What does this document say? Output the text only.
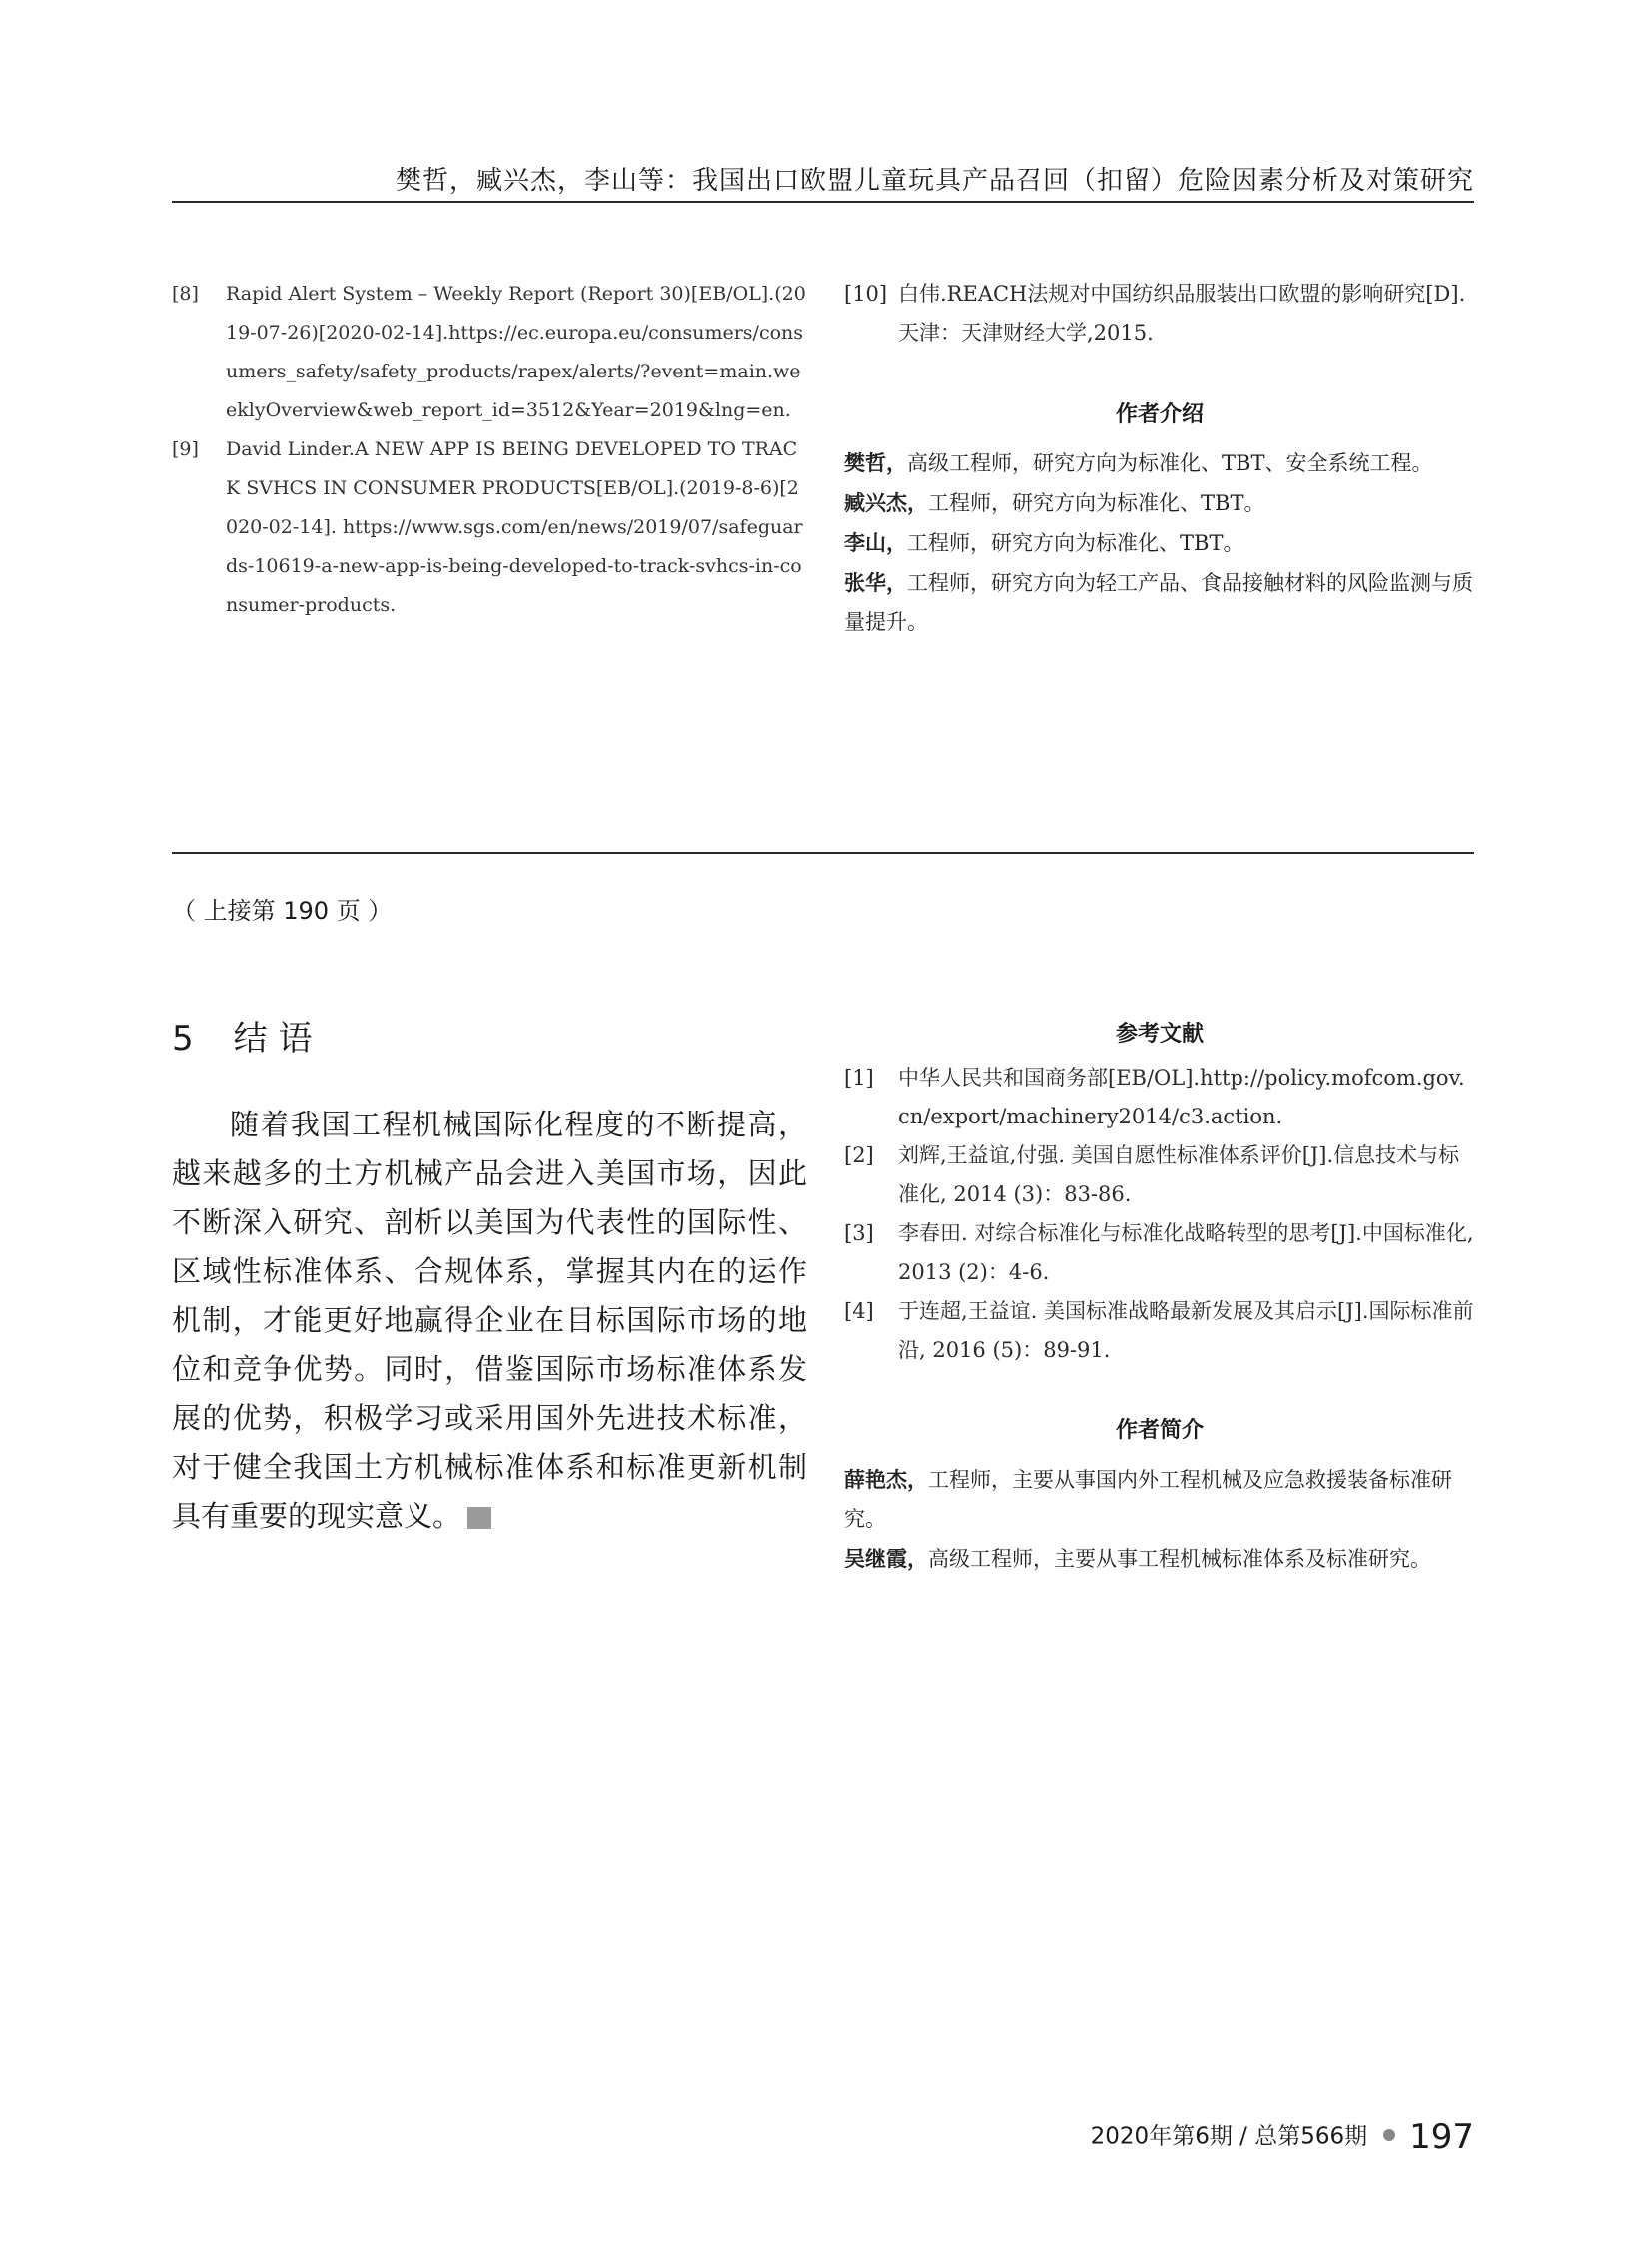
樊哲，臧兴杰，李山等：我国出口欧盟儿童玩具产品召回（扣留）危险因素分析及对策研究
[8] Rapid Alert System – Weekly Report (Report 30)[EB/OL].(2019-07-26)[2020-02-14].https://ec.europa.eu/consumers/consumers_safety/safety_products/rapex/alerts/?event=main.weeklyOverview&web_report_id=3512&Year=2019&lng=en.
[9] David Linder.A NEW APP IS BEING DEVELOPED TO TRACK SVHCS IN CONSUMER PRODUCTS[EB/OL].(2019-8-6)[2020-02-14]. https://www.sgs.com/en/news/2019/07/safeguards-10619-a-new-app-is-being-developed-to-track-svhcs-in-consumer-products.
[10] 白伟.REACH法规对中国纺织品服装出口欧盟的影响研究[D].天津：天津财经大学,2015.
作者介绍
樊哲，高级工程师，研究方向为标准化、TBT、安全系统工程。
臧兴杰，工程师，研究方向为标准化、TBT。
李山，工程师，研究方向为标准化、TBT。
张华，工程师，研究方向为轻工产品、食品接触材料的风险监测与质量提升。
（ 上接第 190 页 ）
5 结 语
随着我国工程机械国际化程度的不断提高，越来越多的土方机械产品会进入美国市场，因此不断深入研究、剖析以美国为代表性的国际性、区域性标准体系、合规体系，掌握其内在的运作机制，才能更好地赢得企业在目标国际市场的地位和竞争优势。同时，借鉴国际市场标准体系发展的优势，积极学习或采用国外先进技术标准，对于健全我国土方机械标准体系和标准更新机制具有重要的现实意义。
参考文献
[1] 中华人民共和国商务部[EB/OL].http://policy.mofcom.gov.cn/export/machinery2014/c3.action.
[2] 刘辉,王益谊,付强. 美国自愿性标准体系评价[J].信息技术与标准化, 2014 (3)：83-86.
[3] 李春田. 对综合标准化与标准化战略转型的思考[J].中国标准化, 2013 (2)：4-6.
[4] 于连超,王益谊. 美国标准战略最新发展及其启示[J].国际标准前沿, 2016 (5)：89-91.
作者简介
薛艳杰，工程师，主要从事国内外工程机械及应急救援装备标准研究。
吴继霞，高级工程师，主要从事工程机械标准体系及标准研究。
2020年第6期 / 总第566期 197
